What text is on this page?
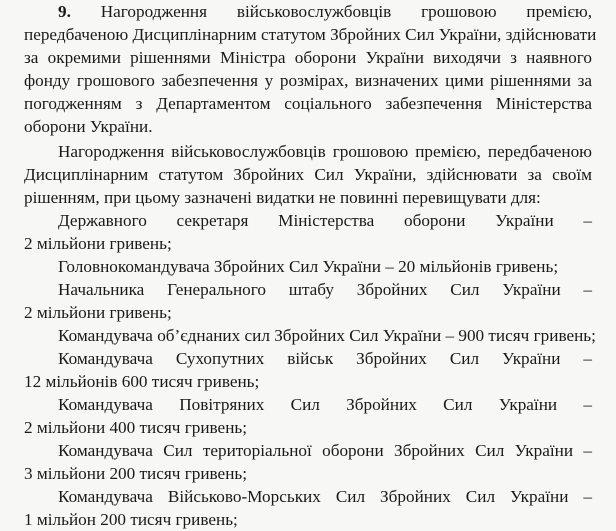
9. Нагородження військовослужбовців грошовою премією,
передбаченою Дисциплінарним статутом Збройних Сил України, здійснювати
за окремими рішеннями Міністра оборони України виходячи з наявного
фонду грошового забезпечення у розмірах, визначених цими рішеннями за
погодженням з Департаментом соціального забезпечення Міністерства
оборони України.
Нагородження військовослужбовців грошовою премією, передбаченою
Дисциплінарним статутом Збройних Сил України, здійснювати за своїм
рішенням, при цьому зазначені видатки не повинні перевищувати для:
Державного секретаря Міністерства оборони України –
2 мільйони гривень;
Головнокомандувача Збройних Сил України – 20 мільйонів гривень;
Начальника Генерального штабу Збройних Сил України –
2 мільйони гривень;
Командувача об’єднаних сил Збройних Сил України – 900 тисяч гривень;
Командувача Сухопутних військ Збройних Сил України –
12 мільйонів 600 тисяч гривень;
Командувача Повітряних Сил Збройних Сил України –
2 мільйони 400 тисяч гривень;
Командувача Сил територіальної оборони Збройних Сил України –
3 мільйони 200 тисяч гривень;
Командувача Військово-Морських Сил Збройних Сил України –
1 мільйон 200 тисяч гривень;
